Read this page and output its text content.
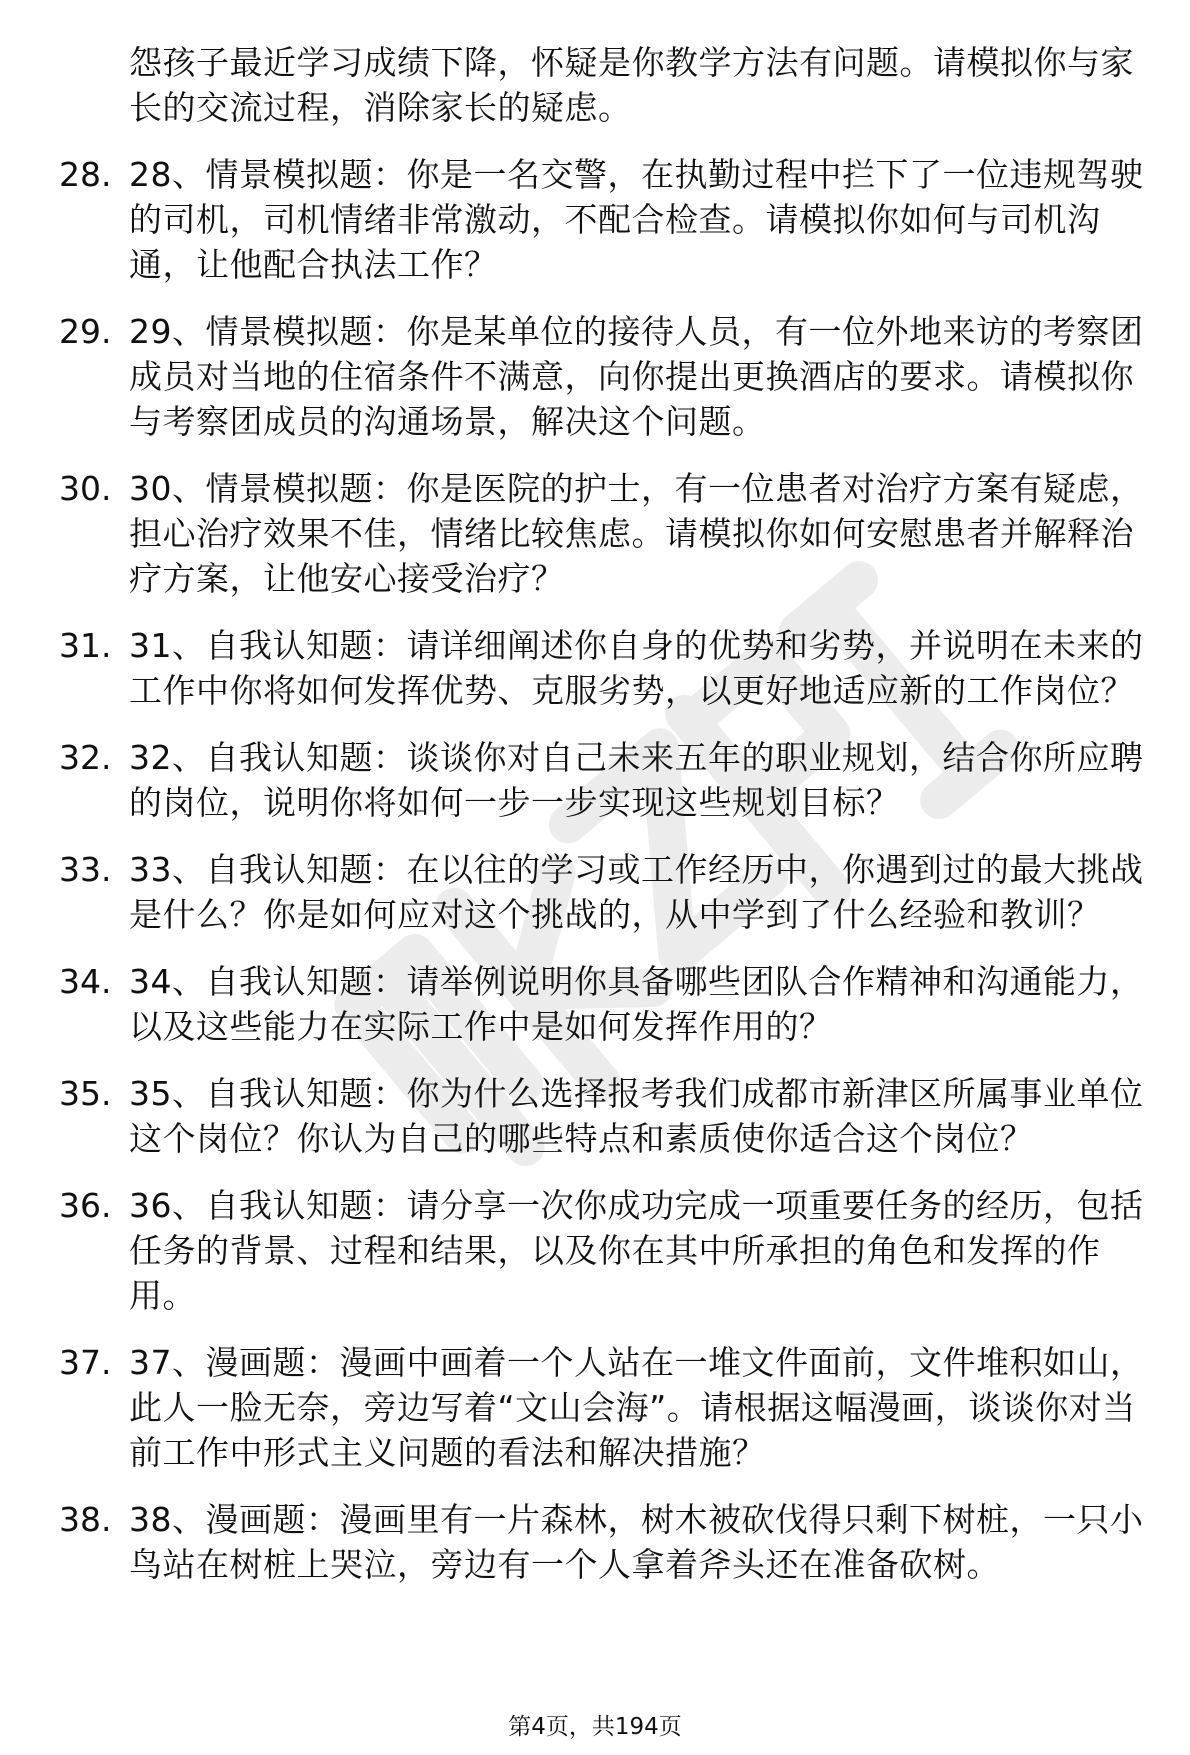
怨孩子最近学习成绩下降，怀疑是你教学方法有问题。请模拟你与家长的交流过程，消除家长的疑虑。
28. 28、情景模拟题：你是一名交警，在执勤过程中拦下了一位违规驾驶的司机，司机情绪非常激动，不配合检查。请模拟你如何与司机沟通，让他配合执法工作？
29. 29、情景模拟题：你是某单位的接待人员，有一位外地来访的考察团成员对当地的住宿条件不满意，向你提出更换酒店的要求。请模拟你与考察团成员的沟通场景，解决这个问题。
30. 30、情景模拟题：你是医院的护士，有一位患者对治疗方案有疑虑，担心治疗效果不佳，情绪比较焦虑。请模拟你如何安慰患者并解释治疗方案，让他安心接受治疗？
31. 31、自我认知题：请详细阐述你自身的优势和劣势，并说明在未来的工作中你将如何发挥优势、克服劣势，以更好地适应新的工作岗位？
32. 32、自我认知题：谈谈你对自己未来五年的职业规划，结合你所应聘的岗位，说明你将如何一步一步实现这些规划目标？
33. 33、自我认知题：在以往的学习或工作经历中，你遇到过的最大挑战是什么？你是如何应对这个挑战的，从中学到了什么经验和教训？
34. 34、自我认知题：请举例说明你具备哪些团队合作精神和沟通能力，以及这些能力在实际工作中是如何发挥作用的？
35. 35、自我认知题：你为什么选择报考我们成都市新津区所属事业单位这个岗位？你认为自己的哪些特点和素质使你适合这个岗位？
36. 36、自我认知题：请分享一次你成功完成一项重要任务的经历，包括任务的背景、过程和结果，以及你在其中所承担的角色和发挥的作用。
37. 37、漫画题：漫画中画着一个人站在一堆文件面前，文件堆积如山，此人一脸无奈，旁边写着“文山会海”。请根据这幅漫画，谈谈你对当前工作中形式主义问题的看法和解决措施？
38. 38、漫画题：漫画里有一片森林，树木被砍伐得只剩下树桩，一只小鸟站在树桩上哭泣，旁边有一个人拿着斧头还在准备砍树。
第4页，共194页
